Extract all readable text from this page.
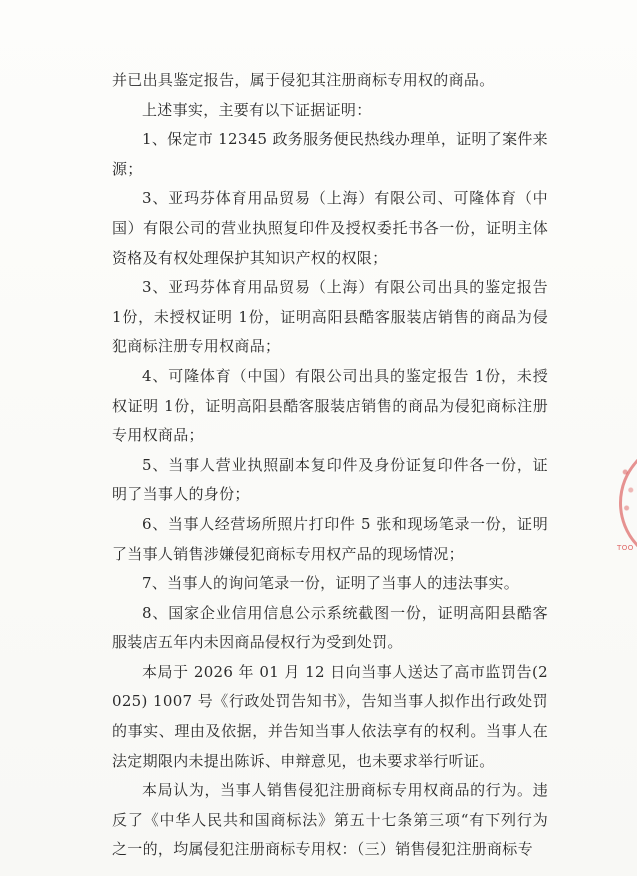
并已出具鉴定报告，属于侵犯其注册商标专用权的商品。

上述事实，主要有以下证据证明：

1、保定市 12345 政务服务便民热线办理单，证明了案件来源；

3、亚玛芬体育用品贸易（上海）有限公司、可隆体育（中国）有限公司的营业执照复印件及授权委托书各一份，证明主体资格及有权处理保护其知识产权的权限；

3、亚玛芬体育用品贸易（上海）有限公司出具的鉴定报告 1份，未授权证明 1份，证明高阳县酷客服装店销售的商品为侵犯商标注册专用权商品；

4、可隆体育（中国）有限公司出具的鉴定报告 1份，未授权证明 1份，证明高阳县酷客服装店销售的商品为侵犯商标注册专用权商品；

5、当事人营业执照副本复印件及身份证复印件各一份，证明了当事人的身份；

6、当事人经营场所照片打印件 5 张和现场笔录一份，证明了当事人销售涉嫌侵犯商标专用权产品的现场情况；

7、当事人的询问笔录一份，证明了当事人的违法事实。

8、国家企业信用信息公示系统截图一份，证明高阳县酷客服装店五年内未因商品侵权行为受到处罚。

本局于 2026 年 01 月 12 日向当事人送达了高市监罚告(2025) 1007 号《行政处罚告知书》，告知当事人拟作出行政处罚的事实、理由及依据，并告知当事人依法享有的权利。当事人在法定期限内未提出陈诉、申辩意见，也未要求举行听证。

本局认为，当事人销售侵犯注册商标专用权商品的行为。违反了《中华人民共和国商标法》第五十七条第三项“有下列行为之一的，均属侵犯注册商标专用权：（三）销售侵犯注册商标专

TOO
